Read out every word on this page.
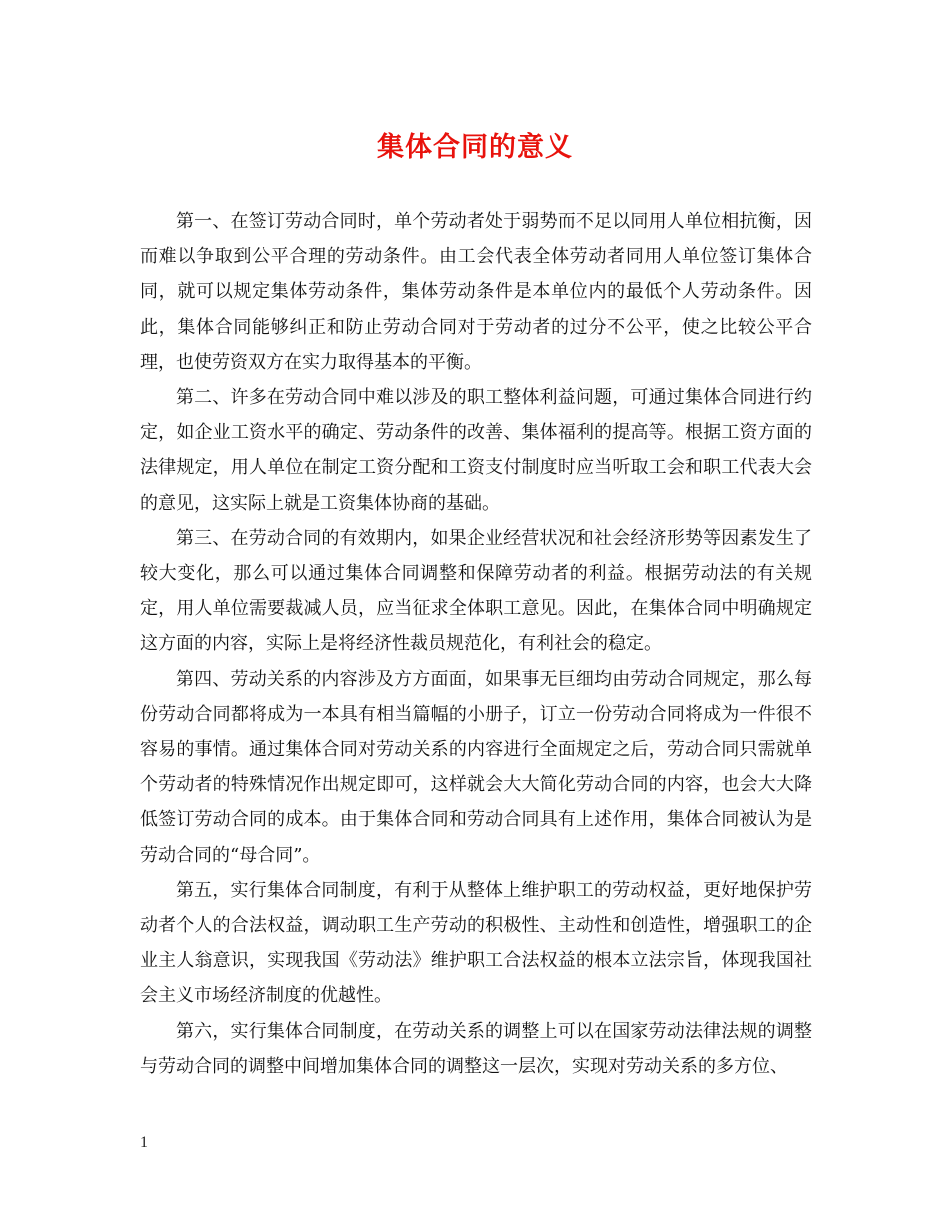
集体合同的意义

第一、在签订劳动合同时，单个劳动者处于弱势而不足以同用人单位相抗衡，因而难以争取到公平合理的劳动条件。由工会代表全体劳动者同用人单位签订集体合同，就可以规定集体劳动条件，集体劳动条件是本单位内的最低个人劳动条件。因此，集体合同能够纠正和防止劳动合同对于劳动者的过分不公平，使之比较公平合理，也使劳资双方在实力取得基本的平衡。

第二、许多在劳动合同中难以涉及的职工整体利益问题，可通过集体合同进行约定，如企业工资水平的确定、劳动条件的改善、集体福利的提高等。根据工资方面的法律规定，用人单位在制定工资分配和工资支付制度时应当听取工会和职工代表大会的意见，这实际上就是工资集体协商的基础。

第三、在劳动合同的有效期内，如果企业经营状况和社会经济形势等因素发生了较大变化，那么可以通过集体合同调整和保障劳动者的利益。根据劳动法的有关规定，用人单位需要裁减人员，应当征求全体职工意见。因此，在集体合同中明确规定这方面的内容，实际上是将经济性裁员规范化，有利社会的稳定。

第四、劳动关系的内容涉及方方面面，如果事无巨细均由劳动合同规定，那么每份劳动合同都将成为一本具有相当篇幅的小册子，订立一份劳动合同将成为一件很不容易的事情。通过集体合同对劳动关系的内容进行全面规定之后，劳动合同只需就单个劳动者的特殊情况作出规定即可，这样就会大大简化劳动合同的内容，也会大大降低签订劳动合同的成本。由于集体合同和劳动合同具有上述作用，集体合同被认为是劳动合同的“母合同”。

第五，实行集体合同制度，有利于从整体上维护职工的劳动权益，更好地保护劳动者个人的合法权益，调动职工生产劳动的积极性、主动性和创造性，增强职工的企业主人翁意识，实现我国《劳动法》维护职工合法权益的根本立法宗旨，体现我国社会主义市场经济制度的优越性。

第六，实行集体合同制度，在劳动关系的调整上可以在国家劳动法律法规的调整与劳动合同的调整中间增加集体合同的调整这一层次，实现对劳动关系的多方位、

1
